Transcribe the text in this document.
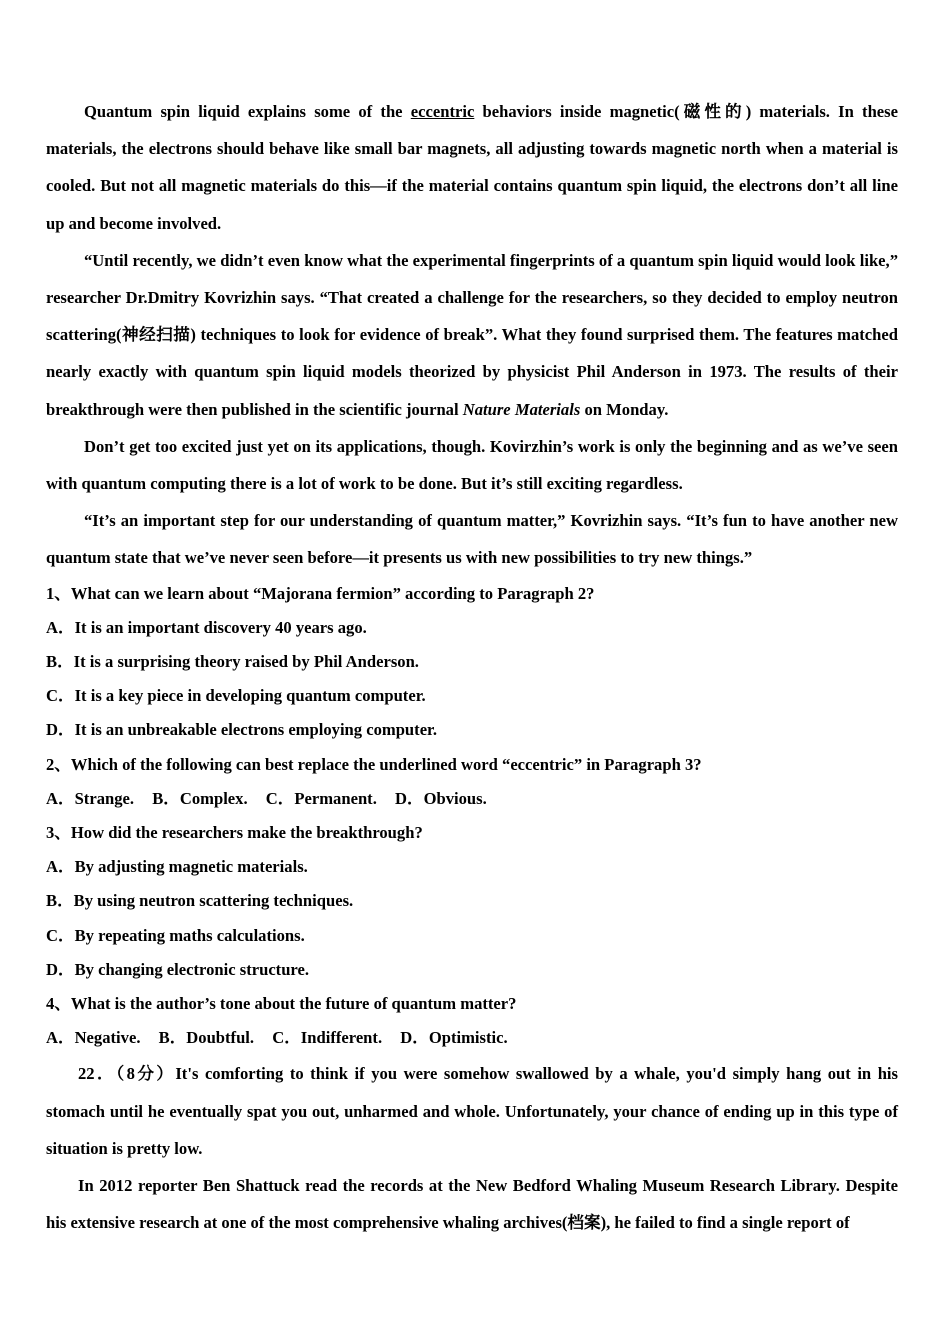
Quantum spin liquid explains some of the eccentric behaviors inside magnetic(磁性的) materials. In these materials, the electrons should behave like small bar magnets, all adjusting towards magnetic north when a material is cooled. But not all magnetic materials do this—if the material contains quantum spin liquid, the electrons don’t all line up and become involved.

“Until recently, we didn’t even know what the experimental fingerprints of a quantum spin liquid would look like,” researcher Dr.Dmitry Kovrizhin says. “That created a challenge for the researchers, so they decided to employ neutron scattering(神经扫描) techniques to look for evidence of break”. What they found surprised them. The features matched nearly exactly with quantum spin liquid models theorized by physicist Phil Anderson in 1973. The results of their breakthrough were then published in the scientific journal Nature Materials on Monday.

Don’t get too excited just yet on its applications, though. Kovirzhin’s work is only the beginning and as we’ve seen with quantum computing there is a lot of work to be done. But it’s still exciting regardless.

“It’s an important step for our understanding of quantum matter,” Kovrizhin says. “It’s fun to have another new quantum state that we’ve never seen before—it presents us with new possibilities to try new things.”

1、What can we learn about “Majorana fermion” according to Paragraph 2?
A．It is an important discovery 40 years ago.
B．It is a surprising theory raised by Phil Anderson.
C．It is a key piece in developing quantum computer.
D．It is an unbreakable electrons employing computer.
2、Which of the following can best replace the underlined word “eccentric” in Paragraph 3?
A．Strange. B．Complex. C．Permanent. D．Obvious.
3、How did the researchers make the breakthrough?
A．By adjusting magnetic materials.
B．By using neutron scattering techniques.
C．By repeating maths calculations.
D．By changing electronic structure.
4、What is the author’s tone about the future of quantum matter?
A．Negative. B．Doubtful. C．Indifferent. D．Optimistic.

22．（8分）It's comforting to think if you were somehow swallowed by a whale, you'd simply hang out in his stomach until he eventually spat you out, unharmed and whole. Unfortunately, your chance of ending up in this type of situation is pretty low.

In 2012 reporter Ben Shattuck read the records at the New Bedford Whaling Museum Research Library. Despite his extensive research at one of the most comprehensive whaling archives(档案), he failed to find a single report of
